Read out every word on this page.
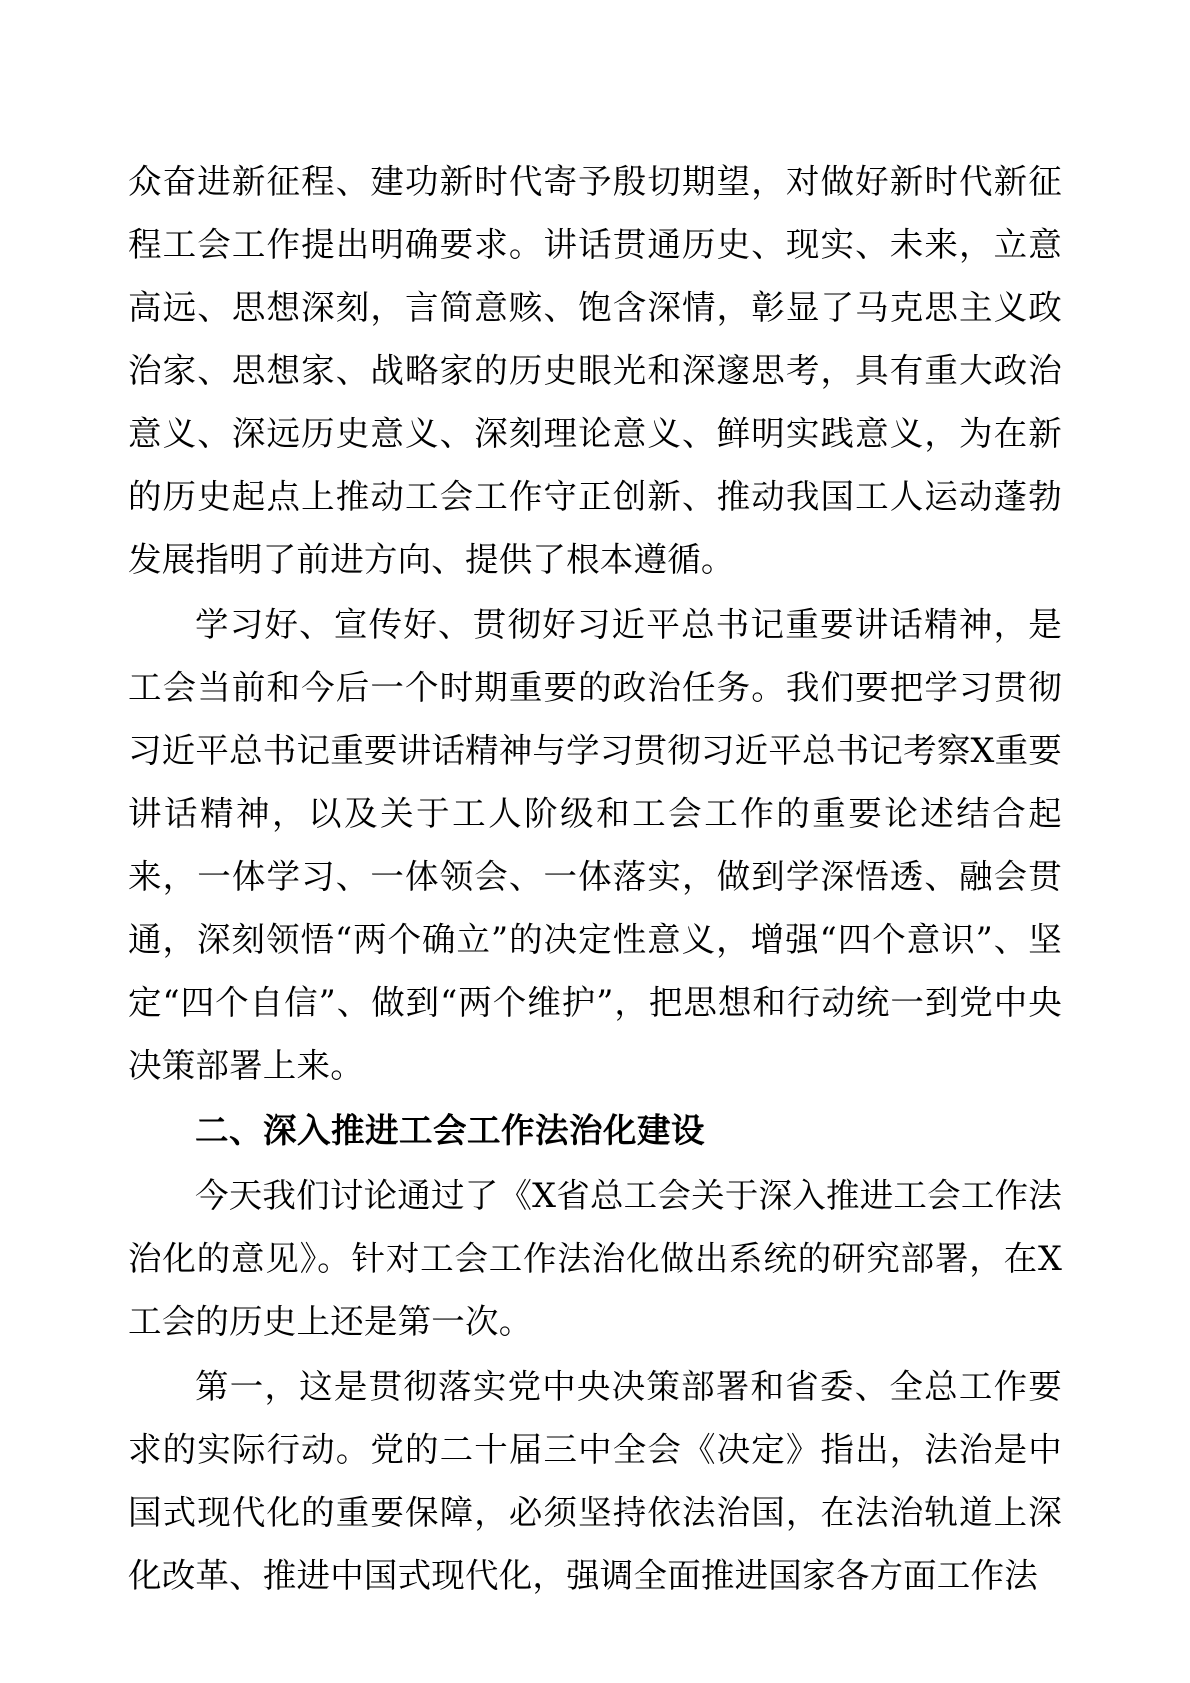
众奋进新征程、建功新时代寄予殷切期望，对做好新时代新征程工会工作提出明确要求。讲话贯通历史、现实、未来，立意高远、思想深刻，言简意赅、饱含深情，彰显了马克思主义政治家、思想家、战略家的历史眼光和深邃思考，具有重大政治意义、深远历史意义、深刻理论意义、鲜明实践意义，为在新的历史起点上推动工会工作守正创新、推动我国工人运动蓬勃发展指明了前进方向、提供了根本遵循。

学习好、宣传好、贯彻好习近平总书记重要讲话精神，是工会当前和今后一个时期重要的政治任务。我们要把学习贯彻习近平总书记重要讲话精神与学习贯彻习近平总书记考察X重要讲话精神，以及关于工人阶级和工会工作的重要论述结合起来，一体学习、一体领会、一体落实，做到学深悟透、融会贯通，深刻领悟“两个确立”的决定性意义，增强“四个意识”、坚定“四个自信”、做到“两个维护”，把思想和行动统一到党中央决策部署上来。

二、深入推进工会工作法治化建设

今天我们讨论通过了《X省总工会关于深入推进工会工作法治化的意见》。针对工会工作法治化做出系统的研究部署，在X工会的历史上还是第一次。

第一，这是贯彻落实党中央决策部署和省委、全总工作要求的实际行动。党的二十届三中全会《决定》指出，法治是中国式现代化的重要保障，必须坚持依法治国，在法治轨道上深化改革、推进中国式现代化，强调全面推进国家各方面工作法
